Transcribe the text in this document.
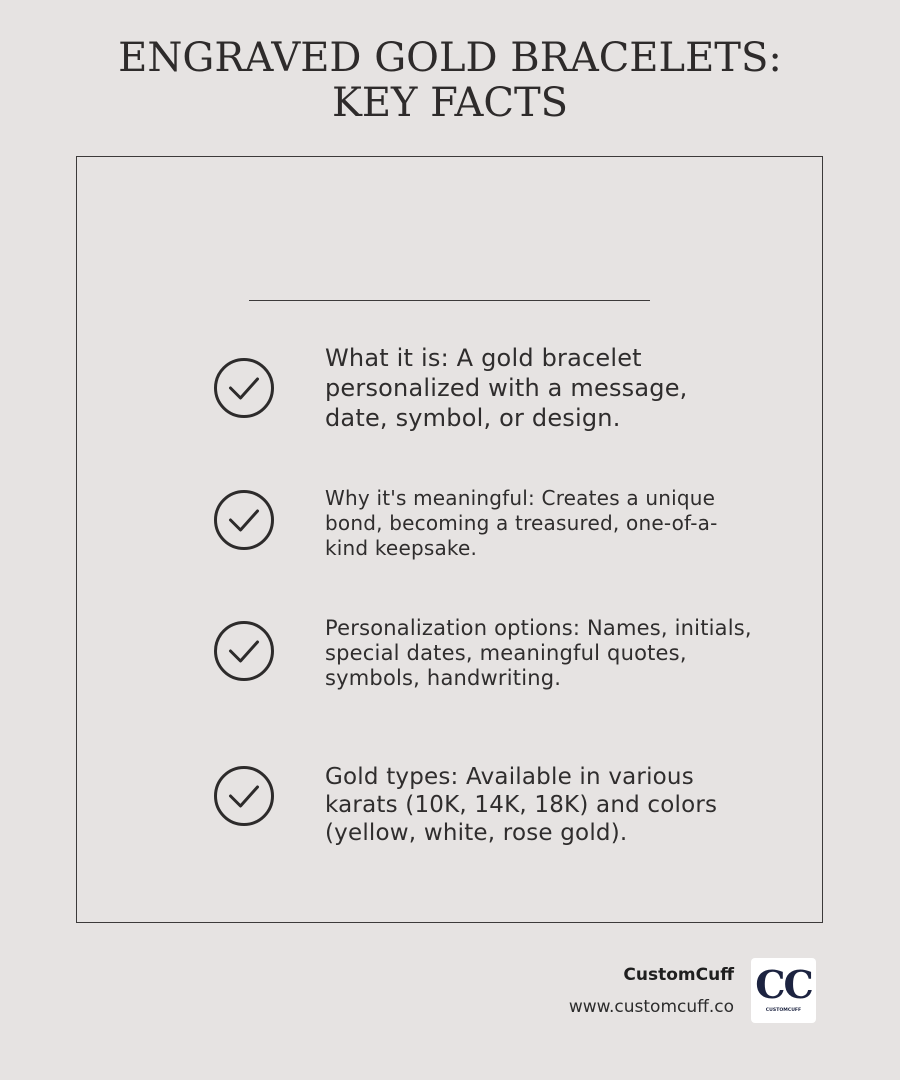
ENGRAVED GOLD BRACELETS: KEY FACTS

What it is: A gold bracelet personalized with a message, date, symbol, or design.

Why it's meaningful: Creates a unique bond, becoming a treasured, one-of-a-kind keepsake.

Personalization options: Names, initials, special dates, meaningful quotes, symbols, handwriting.

Gold types: Available in various karats (10K, 14K, 18K) and colors (yellow, white, rose gold).

CustomCuff
www.customcuff.co CC
CUSTOMCUFF
